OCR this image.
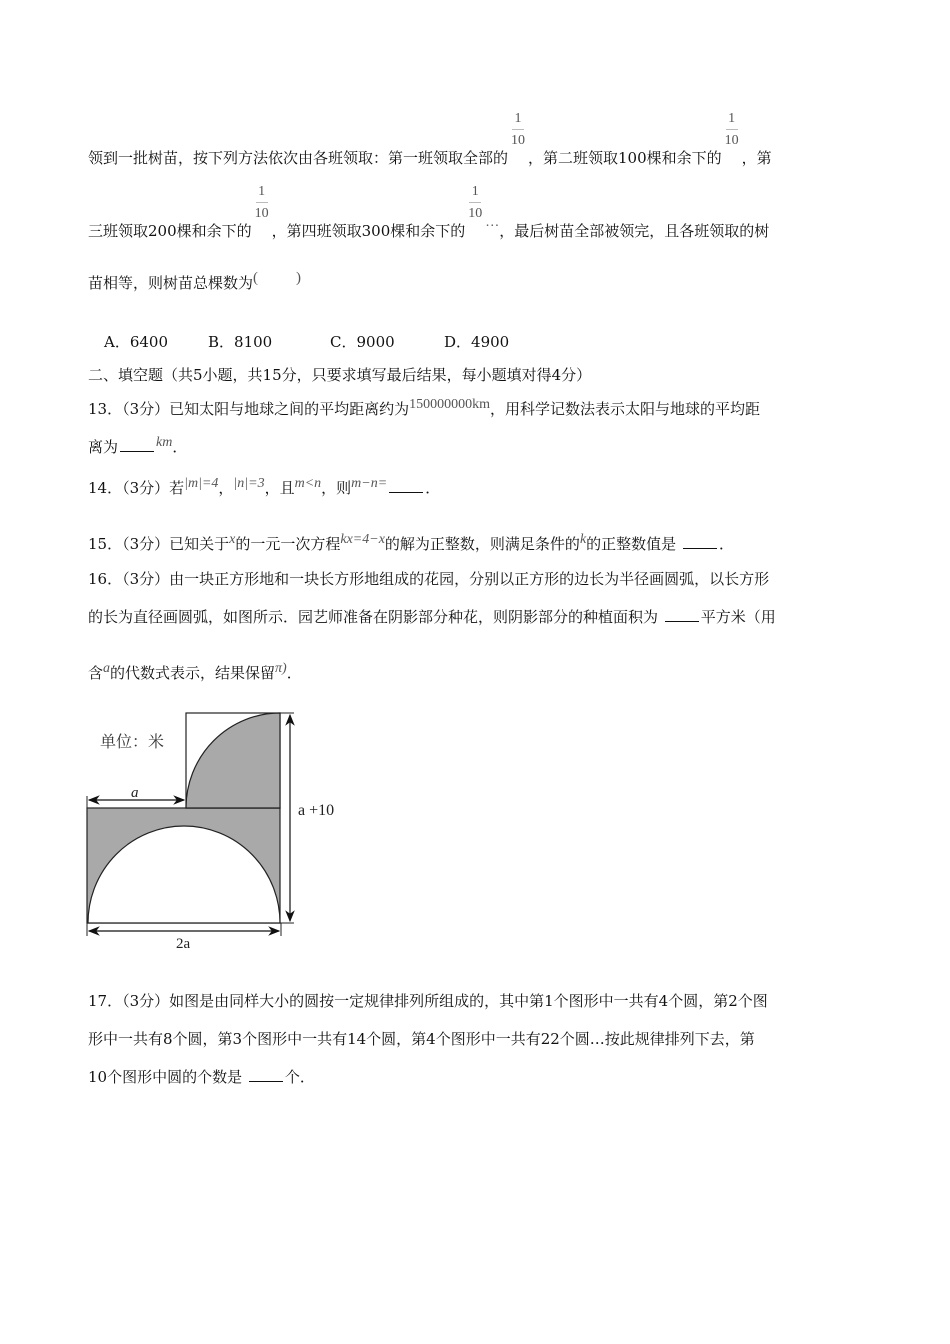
领到一批树苗，按下列方法依次由各班领取：第一班领取全部的 $\frac{1}{10}$ ，第二班领取100棵和余下的 $\frac{1}{10}$ ，第
三班领取200棵和余下的 $\frac{1}{10}$ ，第四班领取300棵和余下的 $\frac{1}{10}$ …，最后树苗全部被领完，且各班领取的树
苗相等，则树苗总棵数为(	)
A．6400	B．8100	C．9000	D．4900
二、填空题（共5小题，共15分，只要求填写最后结果，每小题填对得4分）
13．（3分）已知太阳与地球之间的平均距离约为150000000km，用科学记数法表示太阳与地球的平均距
离为	km．
14．（3分）若|m|=4，|n|=3，且m<n，则m−n=	．
15．（3分）已知关于x的一元一次方程kx=4−x的解为正整数，则满足条件的k的正整数值是	．
16．（3分）由一块正方形地和一块长方形地组成的花园，分别以正方形的边长为半径画圆弧，以长方形
的长为直径画圆弧，如图所示．园艺师准备在阴影部分种花，则阴影部分的种植面积为	平方米（用
含a的代数式表示，结果保留π)．
单位：米
a
a +10
2a
17．（3分）如图是由同样大小的圆按一定规律排列所组成的，其中第1个图形中一共有4个圆，第2个图
形中一共有8个圆，第3个图形中一共有14个圆，第4个图形中一共有22个圆…按此规律排列下去，第
10个图形中圆的个数是	个．
